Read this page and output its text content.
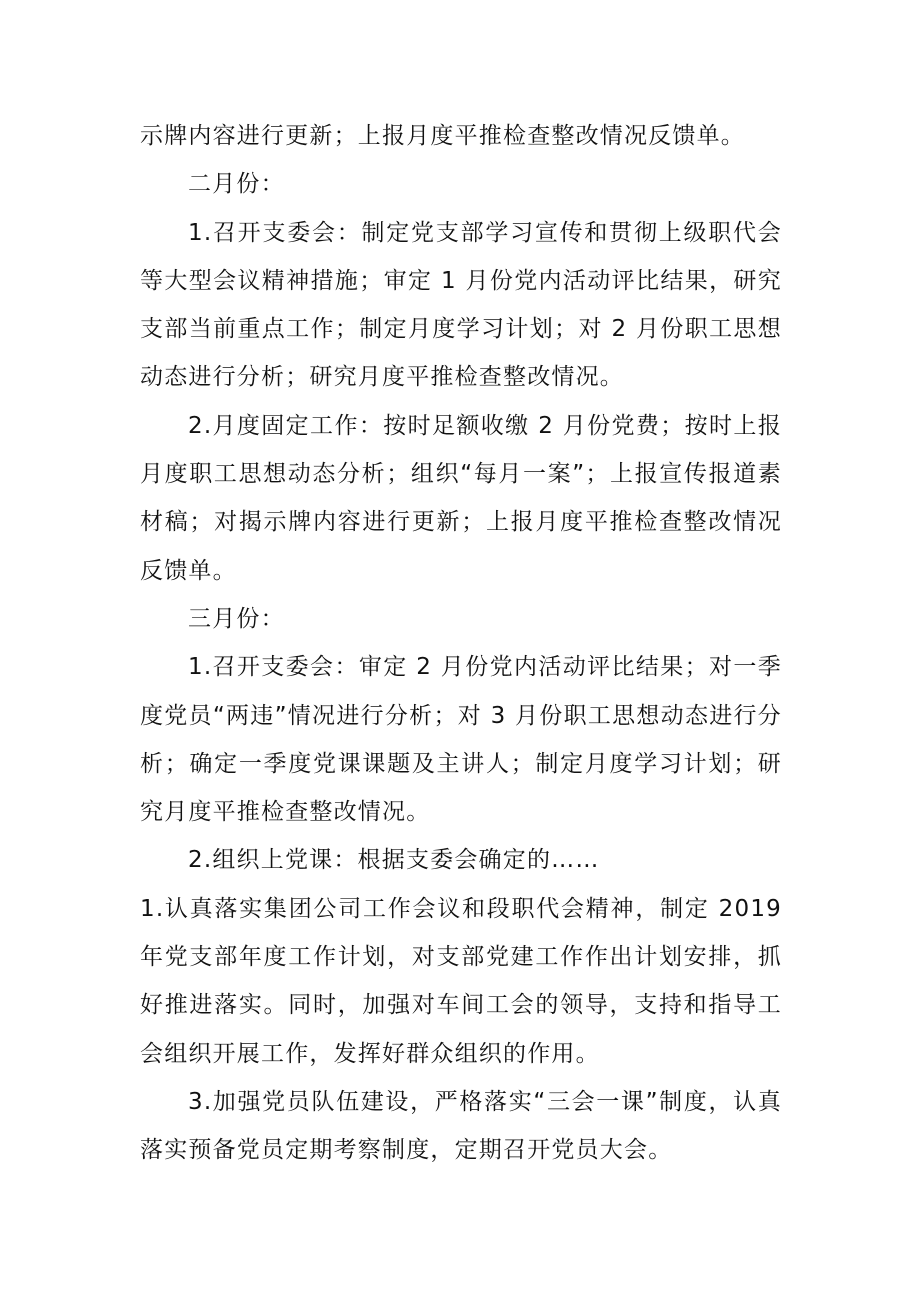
示牌内容进行更新；上报月度平推检查整改情况反馈单。

二月份：

1.召开支委会：制定党支部学习宣传和贯彻上级职代会等大型会议精神措施；审定 1 月份党内活动评比结果，研究支部当前重点工作；制定月度学习计划；对 2 月份职工思想动态进行分析；研究月度平推检查整改情况。

2.月度固定工作：按时足额收缴 2 月份党费；按时上报月度职工思想动态分析；组织“每月一案”；上报宣传报道素材稿；对揭示牌内容进行更新；上报月度平推检查整改情况反馈单。

三月份：

1.召开支委会：审定 2 月份党内活动评比结果；对一季度党员“两违”情况进行分析；对 3 月份职工思想动态进行分析；确定一季度党课课题及主讲人；制定月度学习计划；研究月度平推检查整改情况。

2.组织上党课：根据支委会确定的……

1.认真落实集团公司工作会议和段职代会精神，制定 2019 年党支部年度工作计划，对支部党建工作作出计划安排，抓好推进落实。同时，加强对车间工会的领导，支持和指导工会组织开展工作，发挥好群众组织的作用。

3.加强党员队伍建设，严格落实“三会一课”制度，认真落实预备党员定期考察制度，定期召开党员大会。
